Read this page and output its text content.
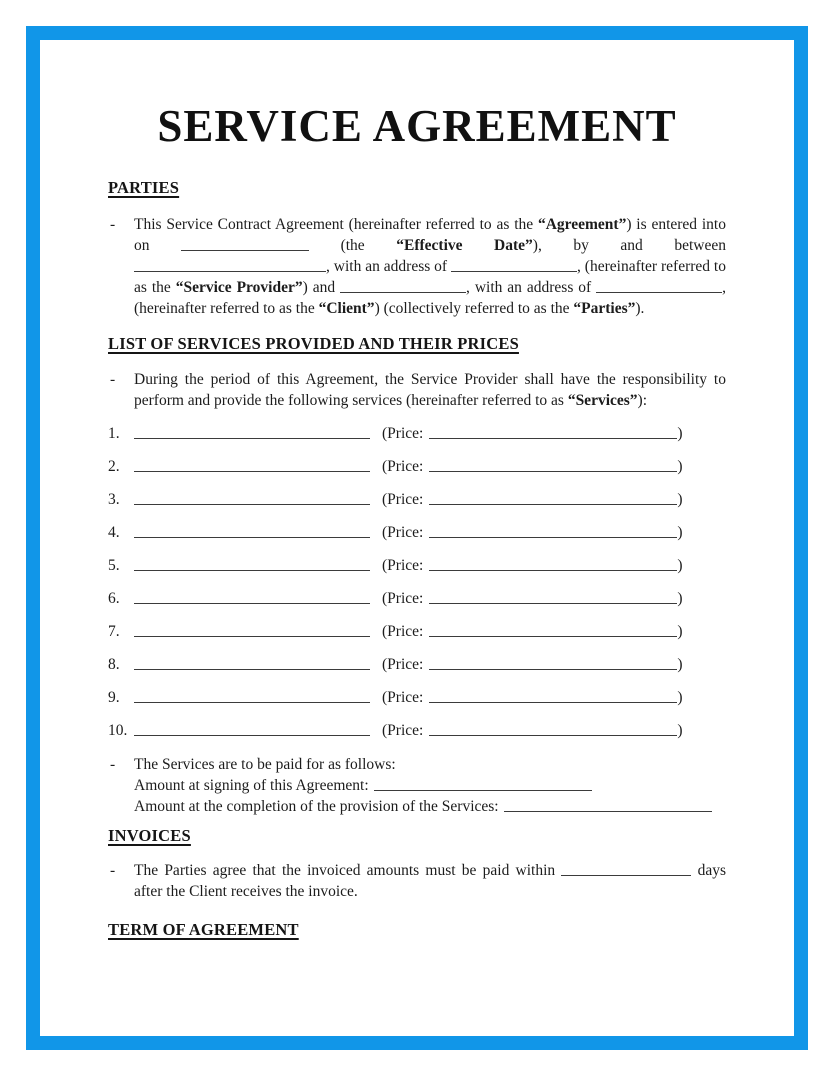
SERVICE AGREEMENT
PARTIES
-	This Service Contract Agreement (hereinafter referred to as the “Agreement”) is entered into on	(the “Effective Date”), by and between , with an address of	, (hereinafter referred to as the “Service Provider”) and	, with an address of	, (hereinafter referred to as the “Client”) (collectively referred to as the “Parties”).

LIST OF SERVICES PROVIDED AND THEIR PRICES
-	During the period of this Agreement, the Service Provider shall have the responsibility to perform and provide the following services (hereinafter referred to as “Services”):

1.	(Price:	)
2.	(Price:	)
3.	(Price:	)
4.	(Price:	)
5.	(Price:	)
6.	(Price:	)
7.	(Price:	)
8.	(Price:	)
9.	(Price:	)
10.	(Price:	)
-	The Services are to be paid for as follows:
Amount at signing of this Agreement:
Amount at the completion of the provision of the Services:
INVOICES
-	The Parties agree that the invoiced amounts must be paid within	days after the Client receives the invoice.

TERM OF AGREEMENT
